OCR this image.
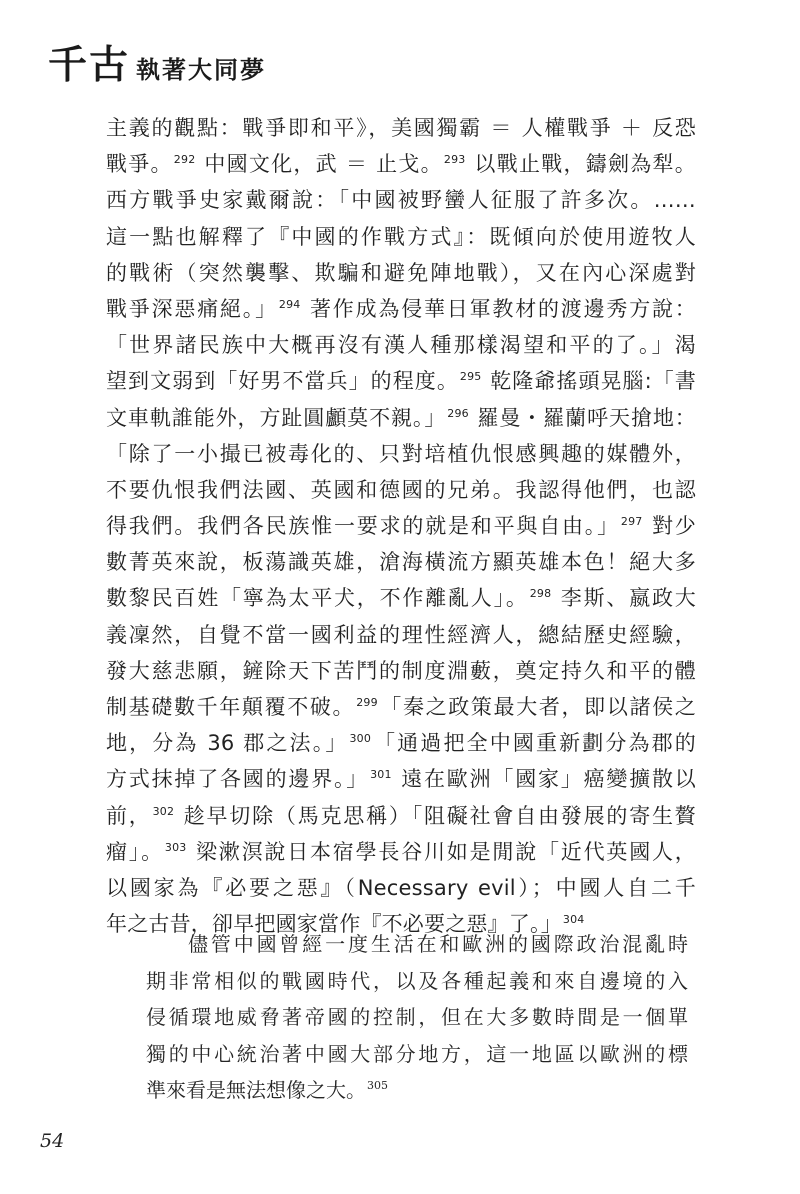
千古 執著大同夢
主義的觀點：戰爭即和平》，美國獨霸 ＝ 人權戰爭 ＋ 反恐
戰爭。$^{292}$ 中國文化，武 ＝ 止戈。$^{293}$ 以戰止戰，鑄劍為犁。
西方戰爭史家戴爾說：「中國被野蠻人征服了許多次。……
這一點也解釋了『中國的作戰方式』：既傾向於使用遊牧人
的戰術（突然襲擊、欺騙和避免陣地戰），又在內心深處對
戰爭深惡痛絕。」$^{294}$ 著作成為侵華日軍教材的渡邊秀方說：
「世界諸民族中大概再沒有漢人種那樣渴望和平的了。」渴
望到文弱到「好男不當兵」的程度。$^{295}$ 乾隆爺搖頭晃腦:「書
文車軌誰能外，方趾圓顱莫不親。」$^{296}$ 羅曼・羅蘭呼天搶地：
「除了一小撮已被毒化的、只對培植仇恨感興趣的媒體外，
不要仇恨我們法國、英國和德國的兄弟。我認得他們，也認
得我們。我們各民族惟一要求的就是和平與自由。」$^{297}$ 對少
數菁英來說，板蕩識英雄，滄海橫流方顯英雄本色！絕大多
數黎民百姓「寧為太平犬，不作離亂人」。$^{298}$ 李斯、嬴政大
義凜然，自覺不當一國利益的理性經濟人，總結歷史經驗，
發大慈悲願，鏟除天下苦鬥的制度淵藪，奠定持久和平的體
制基礎數千年顛覆不破。$^{299}$「秦之政策最大者，即以諸侯之
地，分為 36 郡之法。」$^{300}$「通過把全中國重新劃分為郡的
方式抹掉了各國的邊界。」$^{301}$ 遠在歐洲「國家」癌變擴散以
前，$^{302}$ 趁早切除（馬克思稱）「阻礙社會自由發展的寄生贅
瘤」。$^{303}$ 梁漱溟說日本宿學長谷川如是閒說「近代英國人，
以國家為『必要之惡』（Necessary evil）；中國人自二千
年之古昔，卻早把國家當作『不必要之惡』了。」$^{304}$
儘管中國曾經一度生活在和歐洲的國際政治混亂時
期非常相似的戰國時代，以及各種起義和來自邊境的入
侵循環地威脅著帝國的控制，但在大多數時間是一個單
獨的中心統治著中國大部分地方，這一地區以歐洲的標
準來看是無法想像之大。$^{305}$
54
